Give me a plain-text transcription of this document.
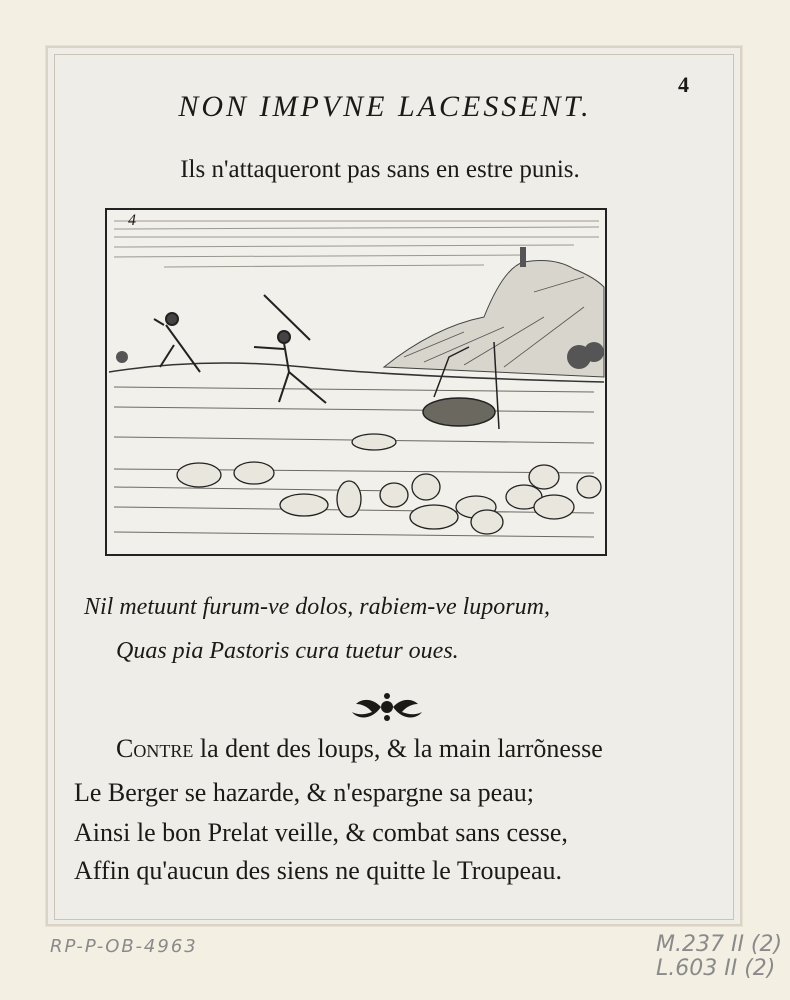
4
NON IMPVNE LACESSENT.
Ils n'attaqueront pas sans en estre punis.
4
Nil metuunt furum-ve dolos, rabiem-ve luporum,
Quas pia Pastoris cura tuetur oues.
Contre la dent des loups, & la main larrõnesse
Le Berger se hazarde, & n'espargne sa peau;
Ainsi le bon Prelat veille, & combat sans cesse,
Affin qu'aucun des siens ne quitte le Troupeau.
RP-P-OB-4963	M.237 II (2)
L.603 II (2)
